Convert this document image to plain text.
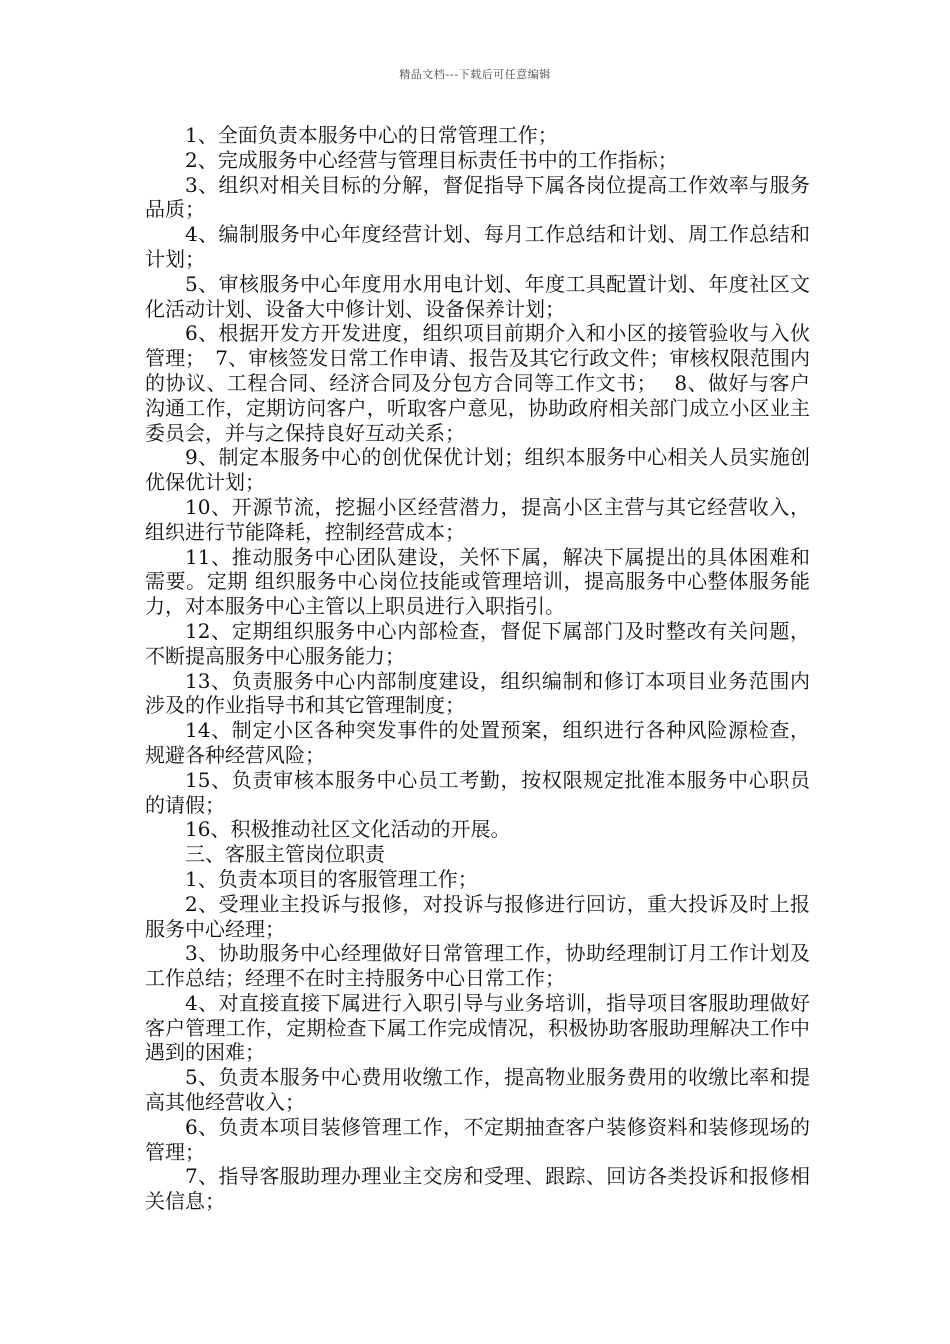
精品文档---下载后可任意编辑

1、全面负责本服务中心的日常管理工作；

2、完成服务中心经营与管理目标责任书中的工作指标；

3、组织对相关目标的分解，督促指导下属各岗位提高工作效率与服务品质；

4、编制服务中心年度经营计划、每月工作总结和计划、周工作总结和计划；

5、审核服务中心年度用水用电计划、年度工具配置计划、年度社区文化活动计划、设备大中修计划、设备保养计划；

6、根据开发方开发进度，组织项目前期介入和小区的接管验收与入伙管理；　7、审核签发日常工作申请、报告及其它行政文件；审核权限范围内的协议、工程合同、经济合同及分包方合同等工作文书；　 8、做好与客户沟通工作，定期访问客户，听取客户意见，协助政府相关部门成立小区业主委员会，并与之保持良好互动关系；

9、制定本服务中心的创优保优计划；组织本服务中心相关人员实施创优保优计划；

10、开源节流，挖掘小区经营潜力，提高小区主营与其它经营收入，组织进行节能降耗，控制经营成本；

11、推动服务中心团队建设，关怀下属，解决下属提出的具体困难和需要。定期 组织服务中心岗位技能或管理培训，提高服务中心整体服务能力，对本服务中心主管以上职员进行入职指引。

12、定期组织服务中心内部检查，督促下属部门及时整改有关问题，不断提高服务中心服务能力；

13、负责服务中心内部制度建设，组织编制和修订本项目业务范围内涉及的作业指导书和其它管理制度；

14、制定小区各种突发事件的处置预案，组织进行各种风险源检查，规避各种经营风险；

15、负责审核本服务中心员工考勤，按权限规定批准本服务中心职员的请假；

16、积极推动社区文化活动的开展。

三、客服主管岗位职责

1、负责本项目的客服管理工作；

2、受理业主投诉与报修，对投诉与报修进行回访，重大投诉及时上报服务中心经理；

3、协助服务中心经理做好日常管理工作，协助经理制订月工作计划及工作总结；经理不在时主持服务中心日常工作；

4、对直接直接下属进行入职引导与业务培训，指导项目客服助理做好客户管理工作，定期检查下属工作完成情况，积极协助客服助理解决工作中遇到的困难；

5、负责本服务中心费用收缴工作，提高物业服务费用的收缴比率和提高其他经营收入；

6、负责本项目装修管理工作，不定期抽查客户装修资料和装修现场的管理；

7、指导客服助理办理业主交房和受理、跟踪、回访各类投诉和报修相关信息；
